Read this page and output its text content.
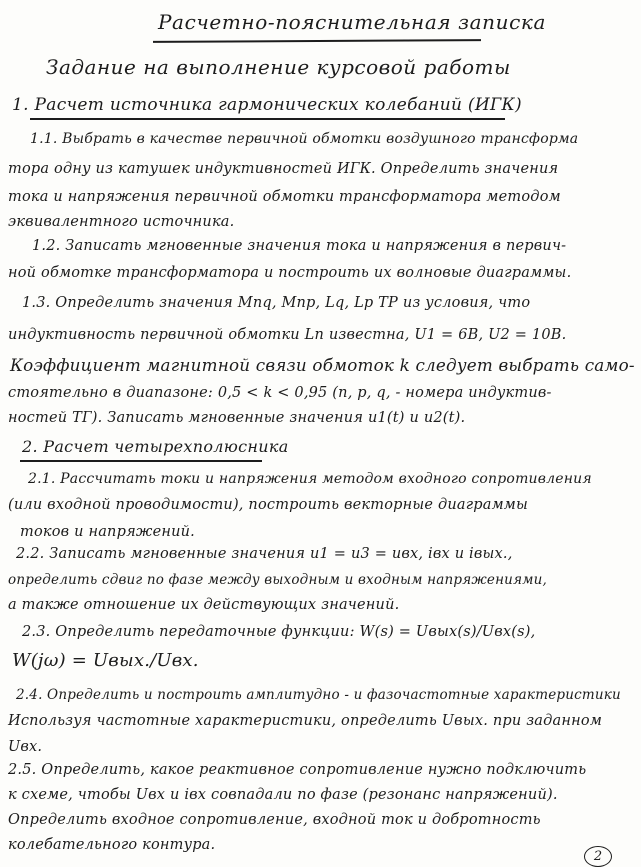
Расчетно-пояснительная записка
Задание на выполнение курсовой работы
1. Расчет источника гармонических колебаний (ИГК)
1.1. Выбрать в качестве первичной обмотки воздушного трансформа
тора одну из катушек индуктивностей ИГК. Определить значения
тока и напряжения первичной обмотки трансформатора методом
эквивалентного источника.
1.2. Записать мгновенные значения тока и напряжения в первич-
ной обмотке трансформатора и построить их волновые диаграммы.
1.3. Определить значения Mnq, Mnp, Lq, Lp ТР из условия, что
индуктивность первичной обмотки Ln известна, U1 = 6В, U2 = 10В.
Коэффициент магнитной связи обмоток k следует выбрать само-
стоятельно в диапазоне: 0,5 < k < 0,95 (n, p, q, - номера индуктив-
ностей ТГ). Записать мгновенные значения u1(t) и u2(t).
2. Расчет четырехполюсника
2.1. Рассчитать токи и напряжения методом входного сопротивления
(или входной проводимости), построить векторные диаграммы
токов и напряжений.
2.2. Записать мгновенные значения u1 = u3 = uвх, iвх и iвых.,
определить сдвиг по фазе между выходным и входным напряжениями,
а также отношение их действующих значений.
2.3. Определить передаточные функции: W(s) = Uвых(s)/Uвх(s),
W(jω) = Uвых./Uвх.
2.4. Определить и построить амплитудно - и фазочастотные характеристики
Используя частотные характеристики, определить Uвых. при заданном
Uвх.
2.5. Определить, какое реактивное сопротивление нужно подключить
к схеме, чтобы Uвх и iвх совпадали по фазе (резонанс напряжений).
Определить входное сопротивление, входной ток и добротность
колебательного контура.
2
